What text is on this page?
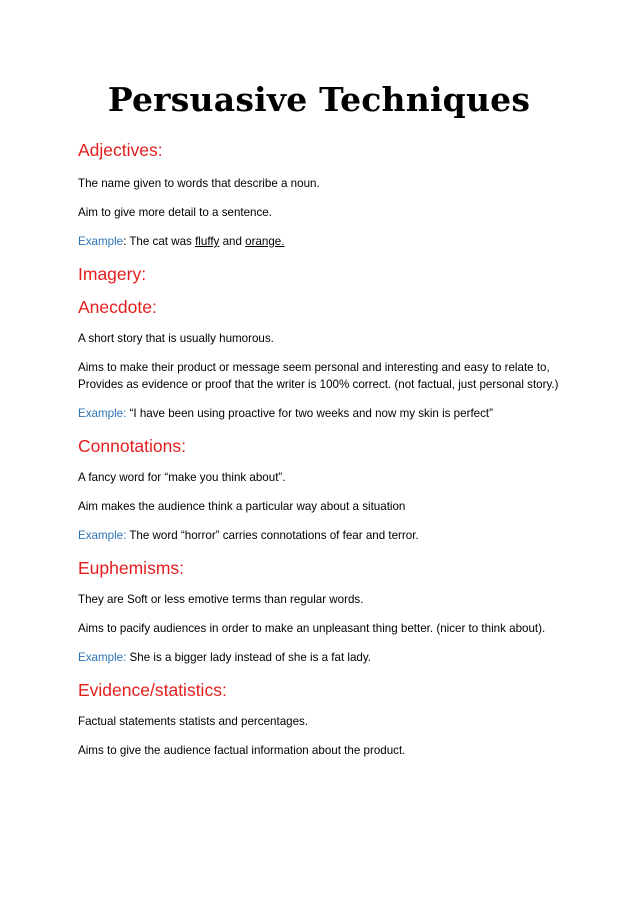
Persuasive Techniques
Adjectives:

The name given to words that describe a noun.

Aim to give more detail to a sentence.

Example: The cat was fluffy and orange.

Imagery:
Anecdote:

A short story that is usually humorous.

Aims to make their product or message seem personal and interesting and easy to relate to, Provides as evidence or proof that the writer is 100% correct. (not factual, just personal story.)

Example: “I have been using proactive for two weeks and now my skin is perfect”

Connotations:

A fancy word for “make you think about”.

Aim makes the audience think a particular way about a situation

Example: The word “horror” carries connotations of fear and terror.

Euphemisms:

They are Soft or less emotive terms than regular words.

Aims to pacify audiences in order to make an unpleasant thing better. (nicer to think about).

Example: She is a bigger lady instead of she is a fat lady.

Evidence/statistics:

Factual statements statists and percentages.

Aims to give the audience factual information about the product.
